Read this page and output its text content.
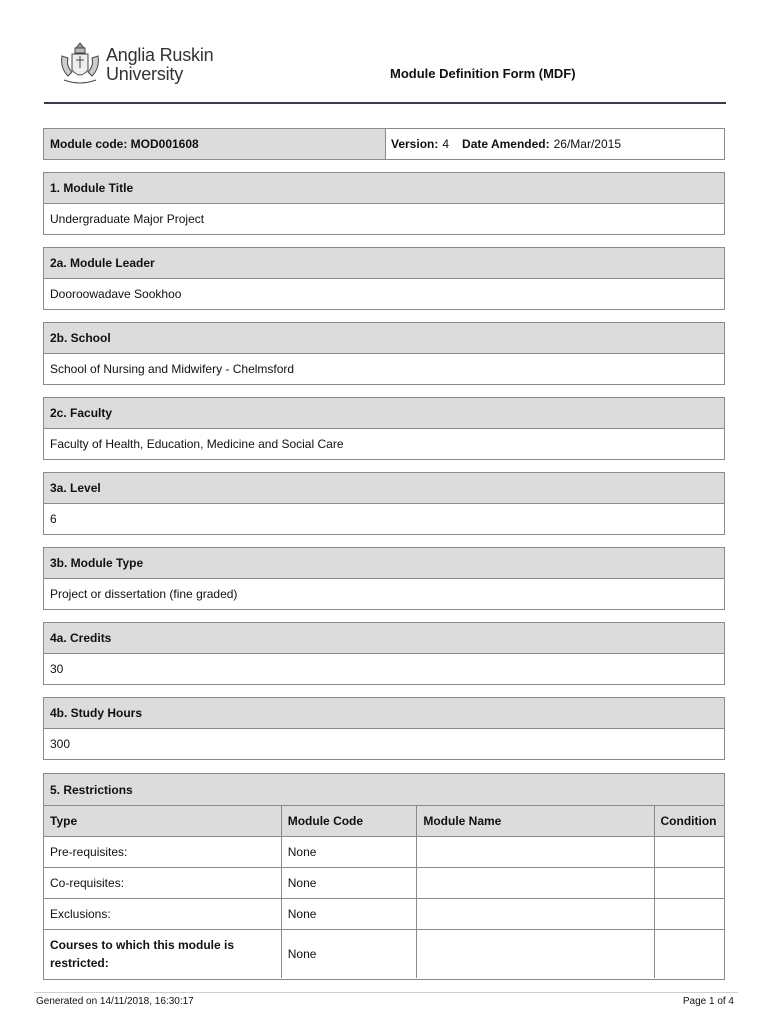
Anglia Ruskin
University	Module Definition Form (MDF)
Module code: MOD001608	Version: 4 Date Amended: 26/Mar/2015
1. Module Title
Undergraduate Major Project
2a. Module Leader
Dooroowadave Sookhoo
2b. School
School of Nursing and Midwifery - Chelmsford
2c. Faculty
Faculty of Health, Education, Medicine and Social Care
3a. Level
6
3b. Module Type
Project or dissertation (fine graded)
4a. Credits
30
4b. Study Hours
300
5. Restrictions
Type	Module Code	Module Name	Condition
Pre-requisites:	None		
Co-requisites:	None		
Exclusions:	None		
Courses to which this module is restricted:	None		
Generated on 14/11/2018, 16:30:17	Page 1 of 4
